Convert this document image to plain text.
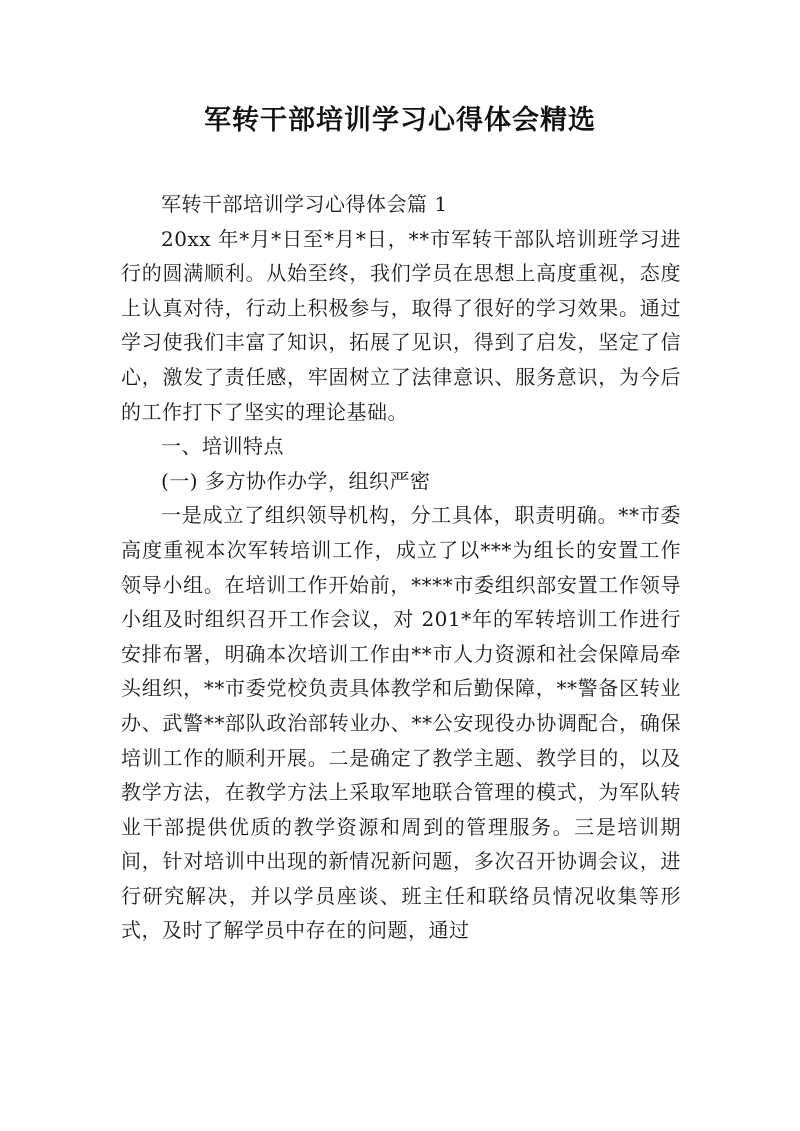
军转干部培训学习心得体会精选

军转干部培训学习心得体会篇 1

20xx 年*月*日至*月*日，**市军转干部队培训班学习进行的圆满顺利。从始至终，我们学员在思想上高度重视，态度上认真对待，行动上积极参与，取得了很好的学习效果。通过学习使我们丰富了知识，拓展了见识，得到了启发，坚定了信心，激发了责任感，牢固树立了法律意识、服务意识，为今后的工作打下了坚实的理论基础。

一、培训特点

(一) 多方协作办学，组织严密

一是成立了组织领导机构，分工具体，职责明确。**市委高度重视本次军转培训工作，成立了以***为组长的安置工作领导小组。在培训工作开始前，****市委组织部安置工作领导小组及时组织召开工作会议，对 201*年的军转培训工作进行安排布署，明确本次培训工作由**市人力资源和社会保障局牵头组织，**市委党校负责具体教学和后勤保障，**警备区转业办、武警**部队政治部转业办、**公安现役办协调配合，确保培训工作的顺利开展。二是确定了教学主题、教学目的，以及教学方法，在教学方法上采取军地联合管理的模式，为军队转业干部提供优质的教学资源和周到的管理服务。三是培训期间，针对培训中出现的新情况新问题，多次召开协调会议，进行研究解决，并以学员座谈、班主任和联络员情况收集等形式，及时了解学员中存在的问题，通过
